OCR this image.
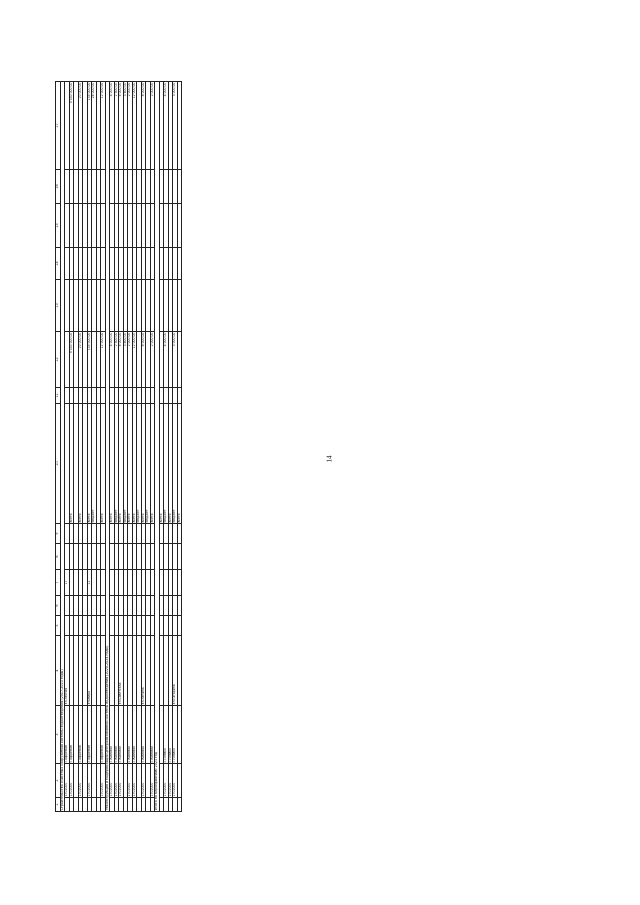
14
1	2	3	4	5	6	7	8	9	10	11	12	13	14	15	16	17
Строительство очистных сооружений системы водоотведения (2017-2023 годы)																
	1702000	Г.Ефремов	Ул.Лесная			17										
	1702000	Г.Ефремов							всего		9 330 000,00					9 330 000,00

	1702000	Г.Ефремов							всего		20 000,00					20 000,00

	1702000	Г.Ефремов	Ул.Мира			21			всего		135 000,00					135 000,00
									бюджет							24 000,00

	1702000	Г.Ефремов							всего		12 000,00					12 000,00
Реконструкция и модернизация централизованной системы водоотведения (2020-2024 годы)																
	1702000	Г.Кимовск							всего		4 000,00					4 000,00
	1702000	Г.Кимовск							бюджет		2 500,00					2 500,00
	1702000	Г.Кимовск	Ул.Советская						всего		6 000,00					6 000,00
									бюджет		3 600,00					3 600,00
	1702000	Г.Кимовск							всего		2 000,00					2 000,00
	1702000	Г.Кимовск							всего		12 000,00					12 000,00
									бюджет							
	1702000	Г.Кимовск	Ул.Ленина						всего		8 000,00					8 000,00
									бюджет							
	1702000	Г.Кимовск							всего		2 000,00					2 000,00
Итого по мероприятиям 2023 год																
									всего							
	1702000	Г.Плавск							бюджет		4 000,00					4 000,00
	1702000	Г.Плавск							всего							
	1702000	Г.Плавск	Ул.Гагарина						бюджет		3 000,00					3 000,00
									всего							
